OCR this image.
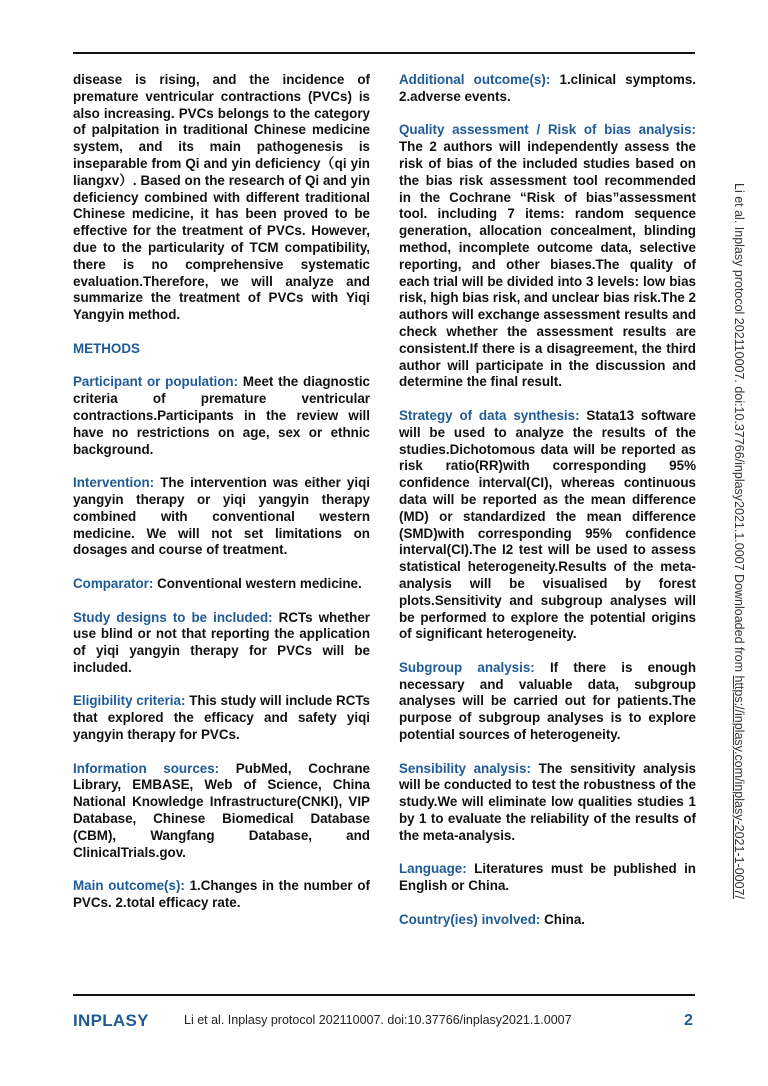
disease is rising, and the incidence of premature ventricular contractions (PVCs) is also increasing. PVCs belongs to the category of palpitation in traditional Chinese medicine system, and its main pathogenesis is inseparable from Qi and yin deficiency（qi yin liangxv）. Based on the research of Qi and yin deficiency combined with different traditional Chinese medicine, it has been proved to be effective for the treatment of PVCs. However, due to the particularity of TCM compatibility, there is no comprehensive systematic evaluation.Therefore, we will analyze and summarize the treatment of PVCs with Yiqi Yangyin method.

METHODS

Participant or population: Meet the diagnostic criteria of premature ventricular contractions.Participants in the review will have no restrictions on age, sex or ethnic background.

Intervention: The intervention was either yiqi yangyin therapy or yiqi yangyin therapy combined with conventional western medicine. We will not set limitations on dosages and course of treatment.

Comparator: Conventional western medicine.

Study designs to be included: RCTs whether use blind or not that reporting the application of yiqi yangyin therapy for PVCs will be included.

Eligibility criteria: This study will include RCTs that explored the efficacy and safety yiqi yangyin therapy for PVCs.

Information sources: PubMed, Cochrane Library, EMBASE, Web of Science, China National Knowledge Infrastructure(CNKI), VIP Database, Chinese Biomedical Database (CBM), Wangfang Database, and ClinicalTrials.gov.

Main outcome(s): 1.Changes in the number of PVCs. 2.total efficacy rate.

Additional outcome(s): 1.clinical symptoms. 2.adverse events.

Quality assessment / Risk of bias analysis: The 2 authors will independently assess the risk of bias of the included studies based on the bias risk assessment tool recommended in the Cochrane “Risk of bias”assessment tool. including 7 items: random sequence generation, allocation concealment, blinding method, incomplete outcome data, selective reporting, and other biases.The quality of each trial will be divided into 3 levels: low bias risk, high bias risk, and unclear bias risk.The 2 authors will exchange assessment results and check whether the assessment results are consistent.If there is a disagreement, the third author will participate in the discussion and determine the final result.

Strategy of data synthesis: Stata13 software will be used to analyze the results of the studies.Dichotomous data will be reported as risk ratio(RR)with corresponding 95% confidence interval(CI), whereas continuous data will be reported as the mean difference (MD) or standardized the mean difference (SMD)with corresponding 95% confidence interval(CI).The I2 test will be used to assess statistical heterogeneity.Results of the meta-analysis will be visualised by forest plots.Sensitivity and subgroup analyses will be performed to explore the potential origins of significant heterogeneity.

Subgroup analysis: If there is enough necessary and valuable data, subgroup analyses will be carried out for patients.The purpose of subgroup analyses is to explore potential sources of heterogeneity.

Sensibility analysis: The sensitivity analysis will be conducted to test the robustness of the study.We will eliminate low qualities studies 1 by 1 to evaluate the reliability of the results of the meta-analysis.

Language: Literatures must be published in English or China.

Country(ies) involved: China.

INPLASY	Li et al. Inplasy protocol 202110007. doi:10.37766/inplasy2021.1.0007	2
Li et al. Inplasy protocol 202110007. doi:10.37766/inplasy2021.1.0007 Downloaded from https://inplasy.com/inplasy-2021-1-0007/
